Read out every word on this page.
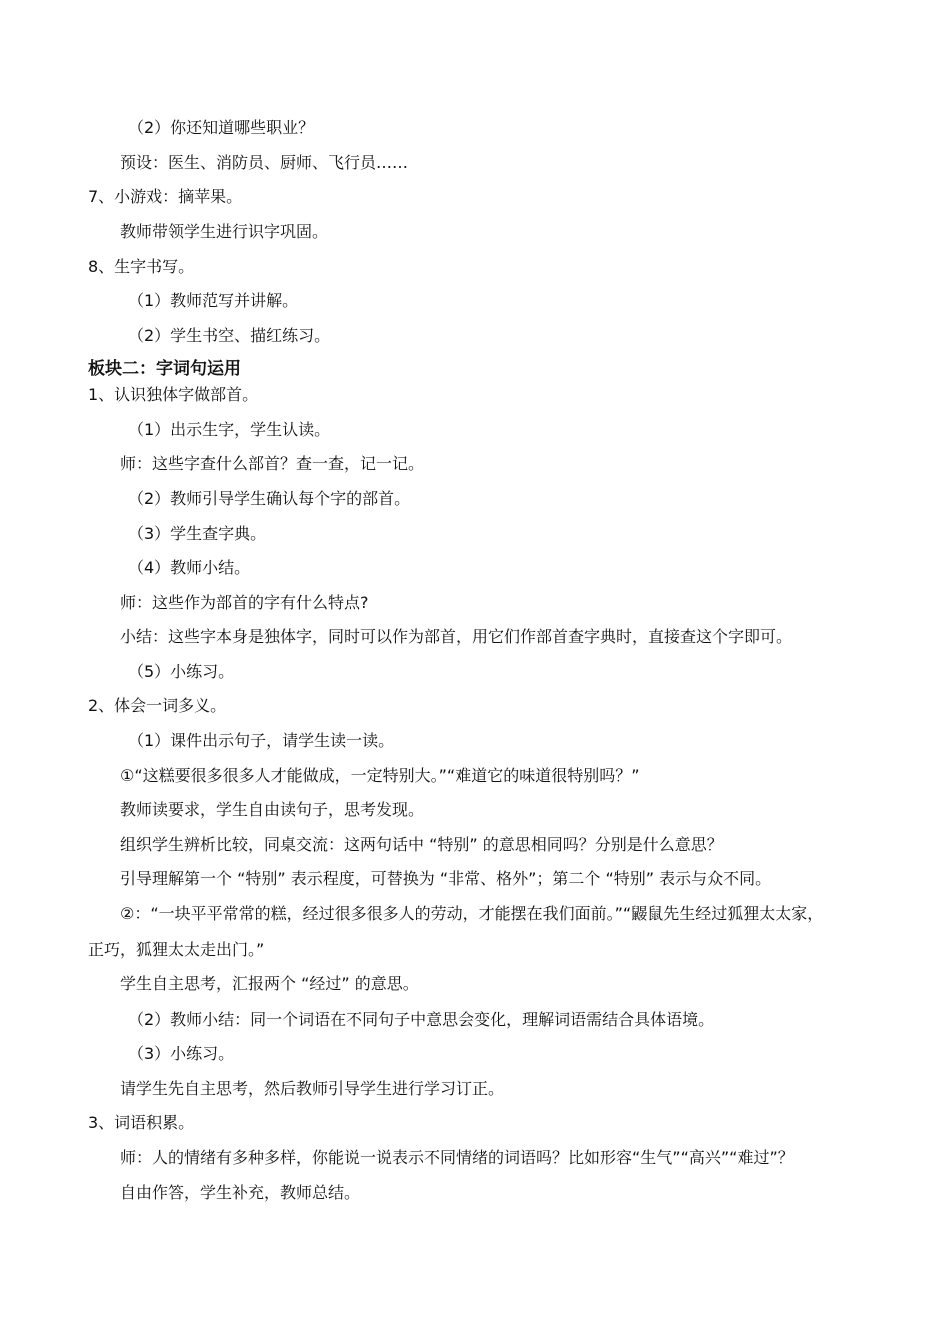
（2）你还知道哪些职业？
预设：医生、消防员、厨师、飞行员……
7、小游戏：摘苹果。
教师带领学生进行识字巩固。
8、生字书写。
（1）教师范写并讲解。
（2）学生书空、描红练习。
板块二：字词句运用
1、认识独体字做部首。
（1）出示生字，学生认读。
师：这些字查什么部首？查一查，记一记。
（2）教师引导学生确认每个字的部首。
（3）学生查字典。
（4）教师小结。
师：这些作为部首的字有什么特点?
小结：这些字本身是独体字，同时可以作为部首，用它们作部首查字典时，直接查这个字即可。
（5）小练习。
2、体会一词多义。
（1）课件出示句子，请学生读一读。
①“这糕要很多很多人才能做成，一定特别大。”“难道它的味道很特别吗？”
教师读要求，学生自由读句子，思考发现。
组织学生辨析比较，同桌交流：这两句话中 “特别” 的意思相同吗？分别是什么意思？
引导理解第一个 “特别” 表示程度，可替换为 “非常、格外”；第二个 “特别” 表示与众不同。
②：“一块平平常常的糕，经过很多很多人的劳动，才能摆在我们面前。”“鼹鼠先生经过狐狸太太家，
正巧，狐狸太太走出门。”
学生自主思考，汇报两个 “经过” 的意思。
（2）教师小结：同一个词语在不同句子中意思会变化，理解词语需结合具体语境。
（3）小练习。
请学生先自主思考，然后教师引导学生进行学习订正。
3、词语积累。
师：人的情绪有多种多样，你能说一说表示不同情绪的词语吗？比如形容“生气”“高兴”“难过”？
自由作答，学生补充，教师总结。
